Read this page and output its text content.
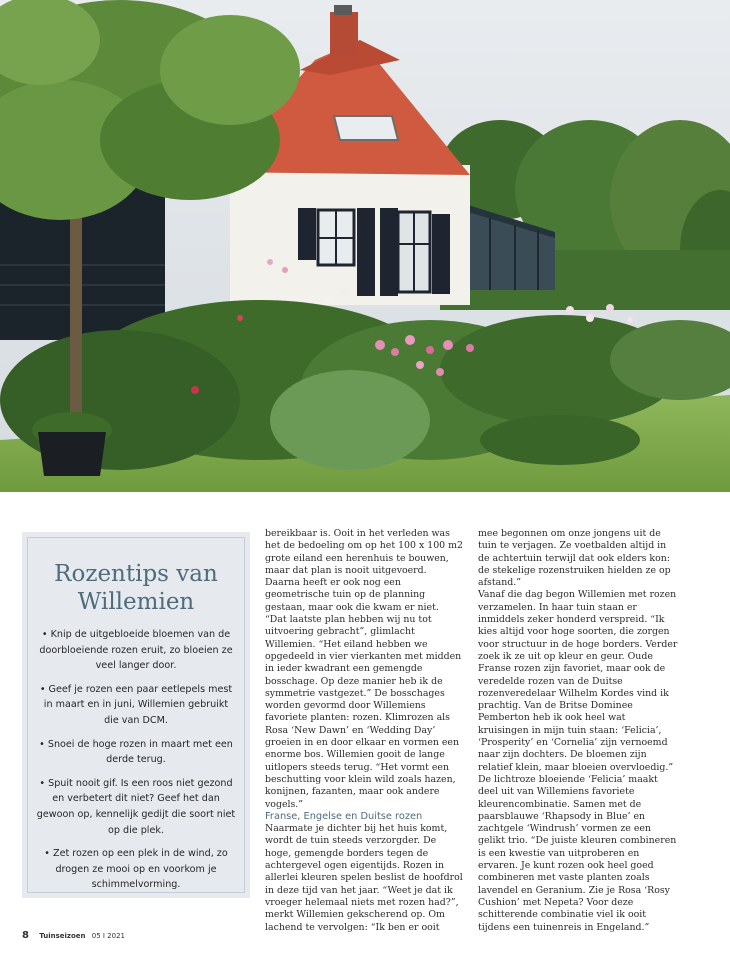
Rozentips van
Willemien
• Knip de uitgebloeide bloemen van de doorbloeiende rozen eruit, zo bloeien ze veel langer door.
• Geef je rozen een paar eetlepels mest in maart en in juni, Willemien gebruikt die van DCM.
• Snoei de hoge rozen in maart met een derde terug.
• Spuit nooit gif. Is een roos niet gezond en verbetert dit niet? Geef het dan gewoon op, kennelijk gedijt die soort niet op die plek.
• Zet rozen op een plek in de wind, zo drogen ze mooi op en voorkom je schimmelvorming.

bereikbaar is. Ooit in het verleden was het de bedoeling om op het 100 x 100 m2 grote eiland een herenhuis te bouwen, maar dat plan is nooit uitgevoerd. Daarna heeft er ook nog een geometrische tuin op de planning gestaan, maar ook die kwam er niet. “Dat laatste plan hebben wij nu tot uitvoering gebracht”, glimlacht Willemien. “Het eiland hebben we opgedeeld in vier vierkanten met midden in ieder kwadrant een gemengde bosschage. Op deze manier heb ik de symmetrie vastgezet.” De bosschages worden gevormd door Willemiens favoriete planten: rozen. Klimrozen als Rosa ‘New Dawn’ en ‘Wedding Day’ groeien in en door elkaar en vormen een enorme bos. Willemien gooit de lange uitlopers steeds terug. “Het vormt een beschutting voor klein wild zoals hazen, konijnen, fazanten, maar ook andere vogels.”

Franse, Engelse en Duitse rozen

Naarmate je dichter bij het huis komt, wordt de tuin steeds verzorgder. De hoge, gemengde borders tegen de achtergevel ogen eigentijds. Rozen in allerlei kleuren spelen beslist de hoofdrol in deze tijd van het jaar. “Weet je dat ik vroeger helemaal niets met rozen had?”, merkt Willemien gekscherend op. Om lachend te vervolgen: “Ik ben er ooit

mee begonnen om onze jongens uit de tuin te verjagen. Ze voetbalden altijd in de achtertuin terwijl dat ook elders kon: de stekelige rozenstruiken hielden ze op afstand.”

Vanaf die dag begon Willemien met rozen verzamelen. In haar tuin staan er inmiddels zeker honderd verspreid. “Ik kies altijd voor hoge soorten, die zorgen voor structuur in de hoge borders. Verder zoek ik ze uit op kleur en geur. Oude Franse rozen zijn favoriet, maar ook de veredelde rozen van de Duitse rozenveredelaar Wilhelm Kordes vind ik prachtig. Van de Britse Dominee Pemberton heb ik ook heel wat kruisingen in mijn tuin staan: ‘Felicia’, ‘Prosperity’ en ‘Cornelia’ zijn vernoemd naar zijn dochters. De bloemen zijn relatief klein, maar bloeien overvloedig.”

De lichtroze bloeiende ‘Felicia’ maakt deel uit van Willemiens favoriete kleurencombinatie. Samen met de paarsblauwe ‘Rhapsody in Blue’ en zachtgele ‘Windrush’ vormen ze een gelikt trio. “De juiste kleuren combineren is een kwestie van uitproberen en ervaren. Je kunt rozen ook heel goed combineren met vaste planten zoals lavendel en Geranium. Zie je Rosa ‘Rosy Cushion’ met Nepeta? Voor deze schitterende combinatie viel ik ooit tijdens een tuinenreis in Engeland.”

8 Tuinseizoen 05 I 2021
